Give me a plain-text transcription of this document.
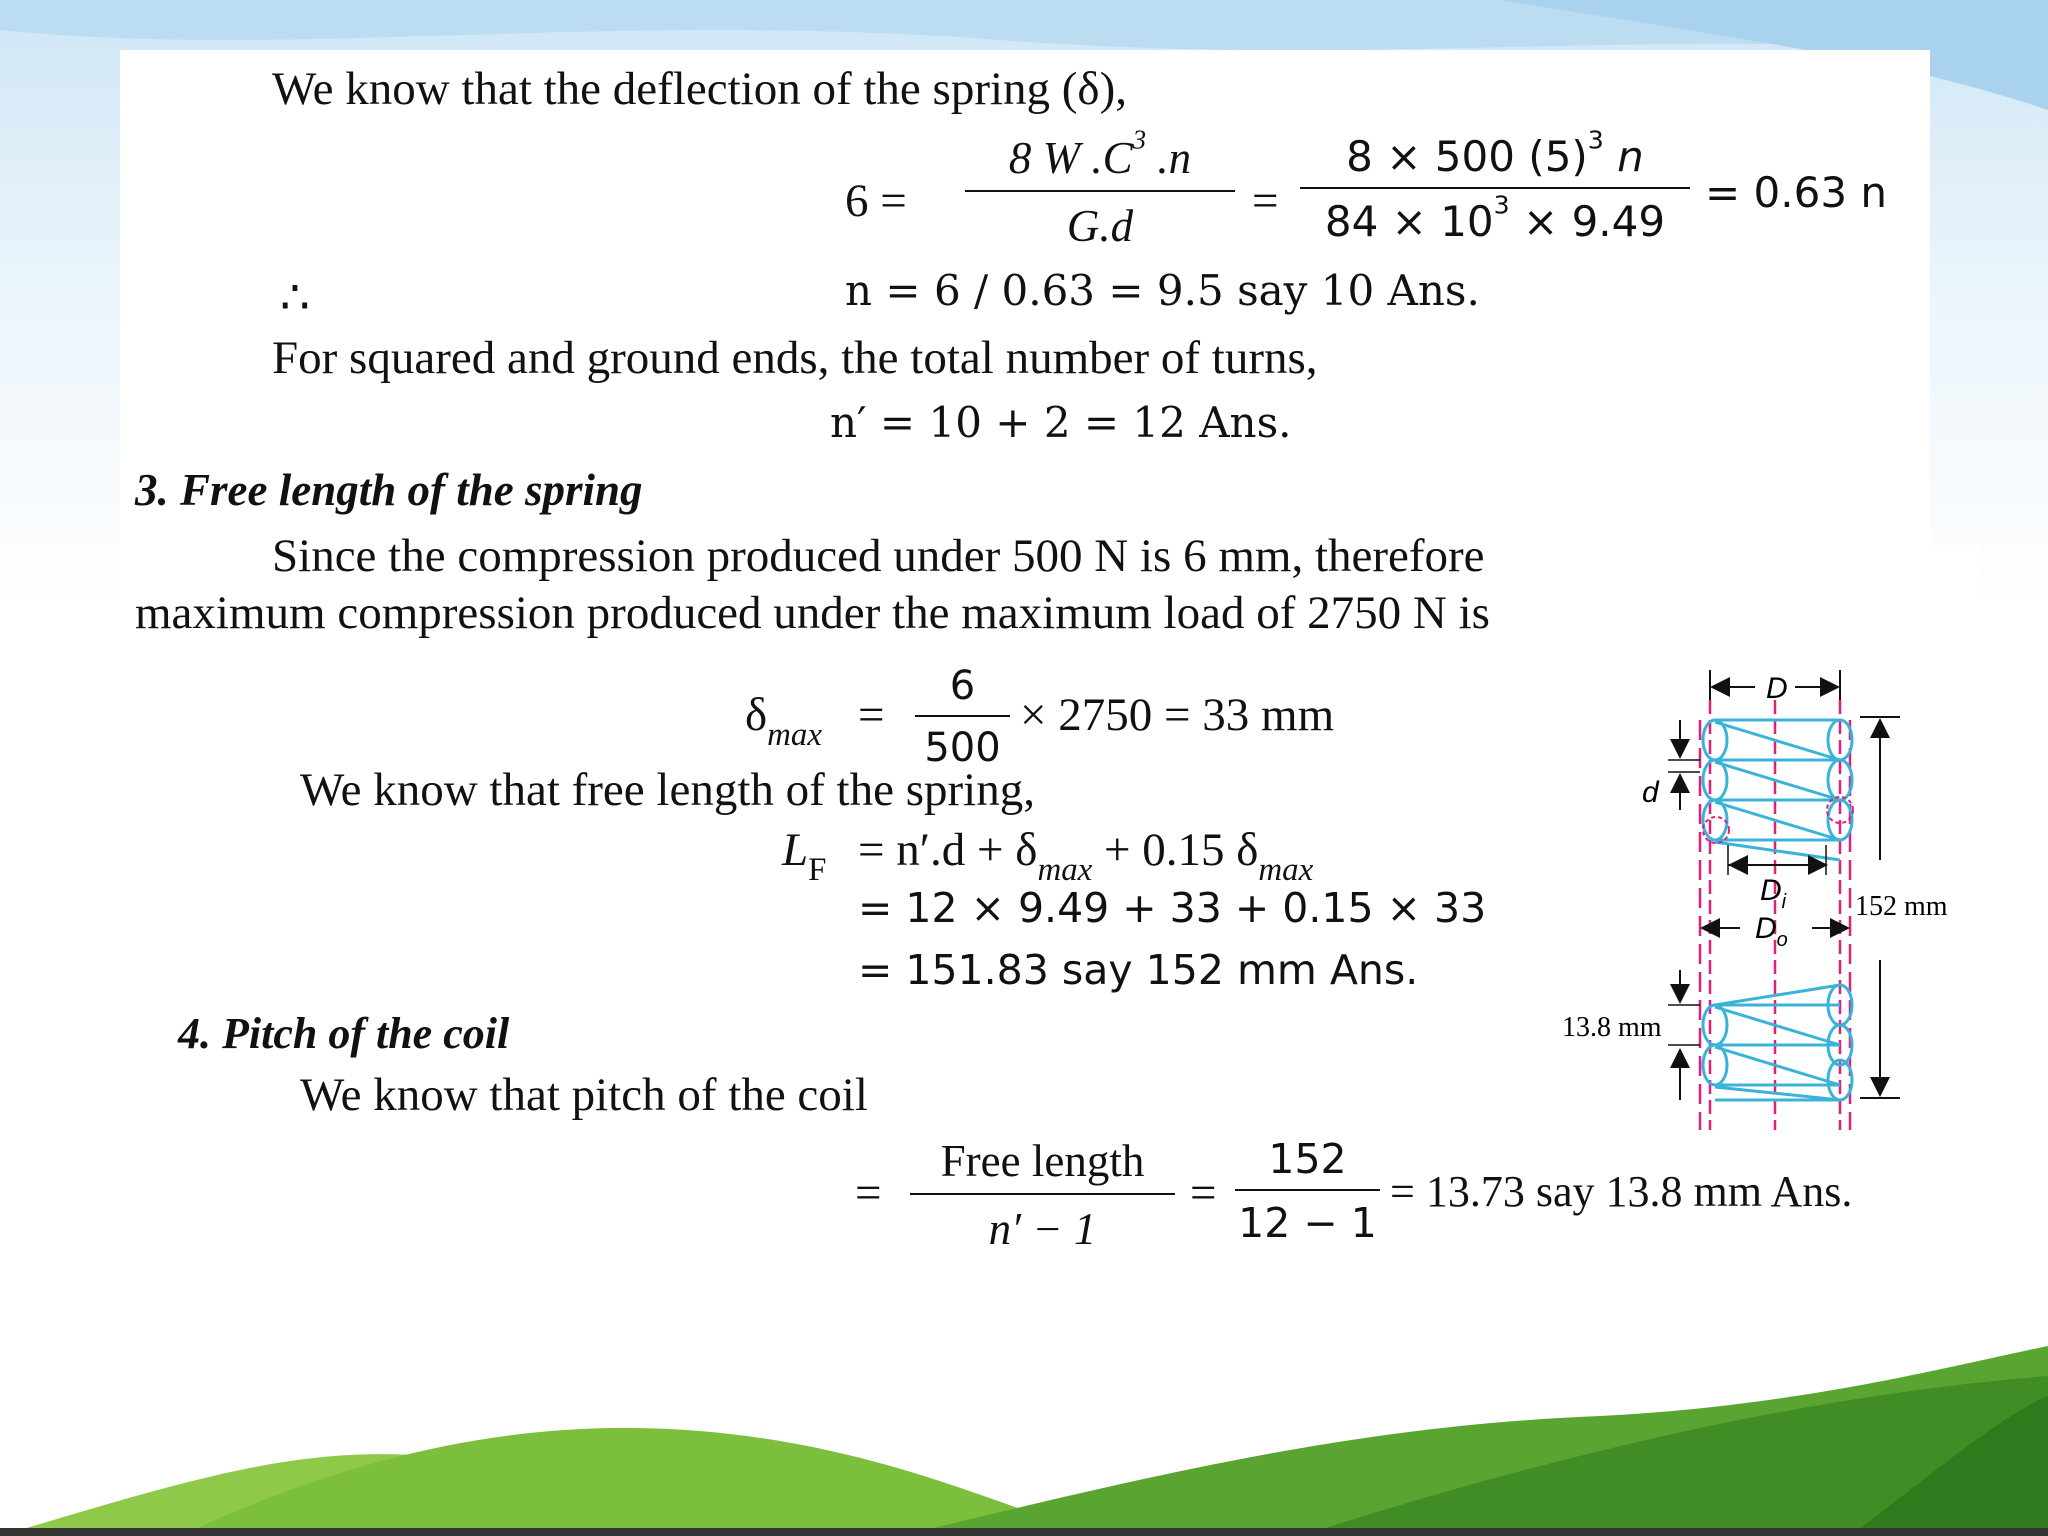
We know that the deflection of the spring (δ),
6 =
8 W $.C^3$ .n
G.d	=
8 × 500 $(5)^3$ n
$84 \times 10^3 \times 9.49$
= 0.63 n
∴	n = 6 / 0.63 = 9.5 say 10 Ans.
For squared and ground ends, the total number of turns,
n′ = 10 + 2 = 12 Ans.
3. Free length of the spring
Since the compression produced under 500 N is 6 mm, therefore
maximum compression produced under the maximum load of 2750 N is
$\delta_{max}$ =
6
500
× 2750 = 33 mm
We know that free length of the spring,
$L_F = n'.d + \delta_{max} + 0.15$ $\delta_{max}$
= 12 × 9.49 + 33 + 0.15 × 33
= 151.83 say 152 mm Ans.
4. Pitch of the coil
We know that pitch of the coil
=
Free length
n′ − 1
=
152
12 − 1
= 13.73 say 13.8 mm Ans.
D
d
$D_i$
$D_o$
152 mm
13.8 mm
